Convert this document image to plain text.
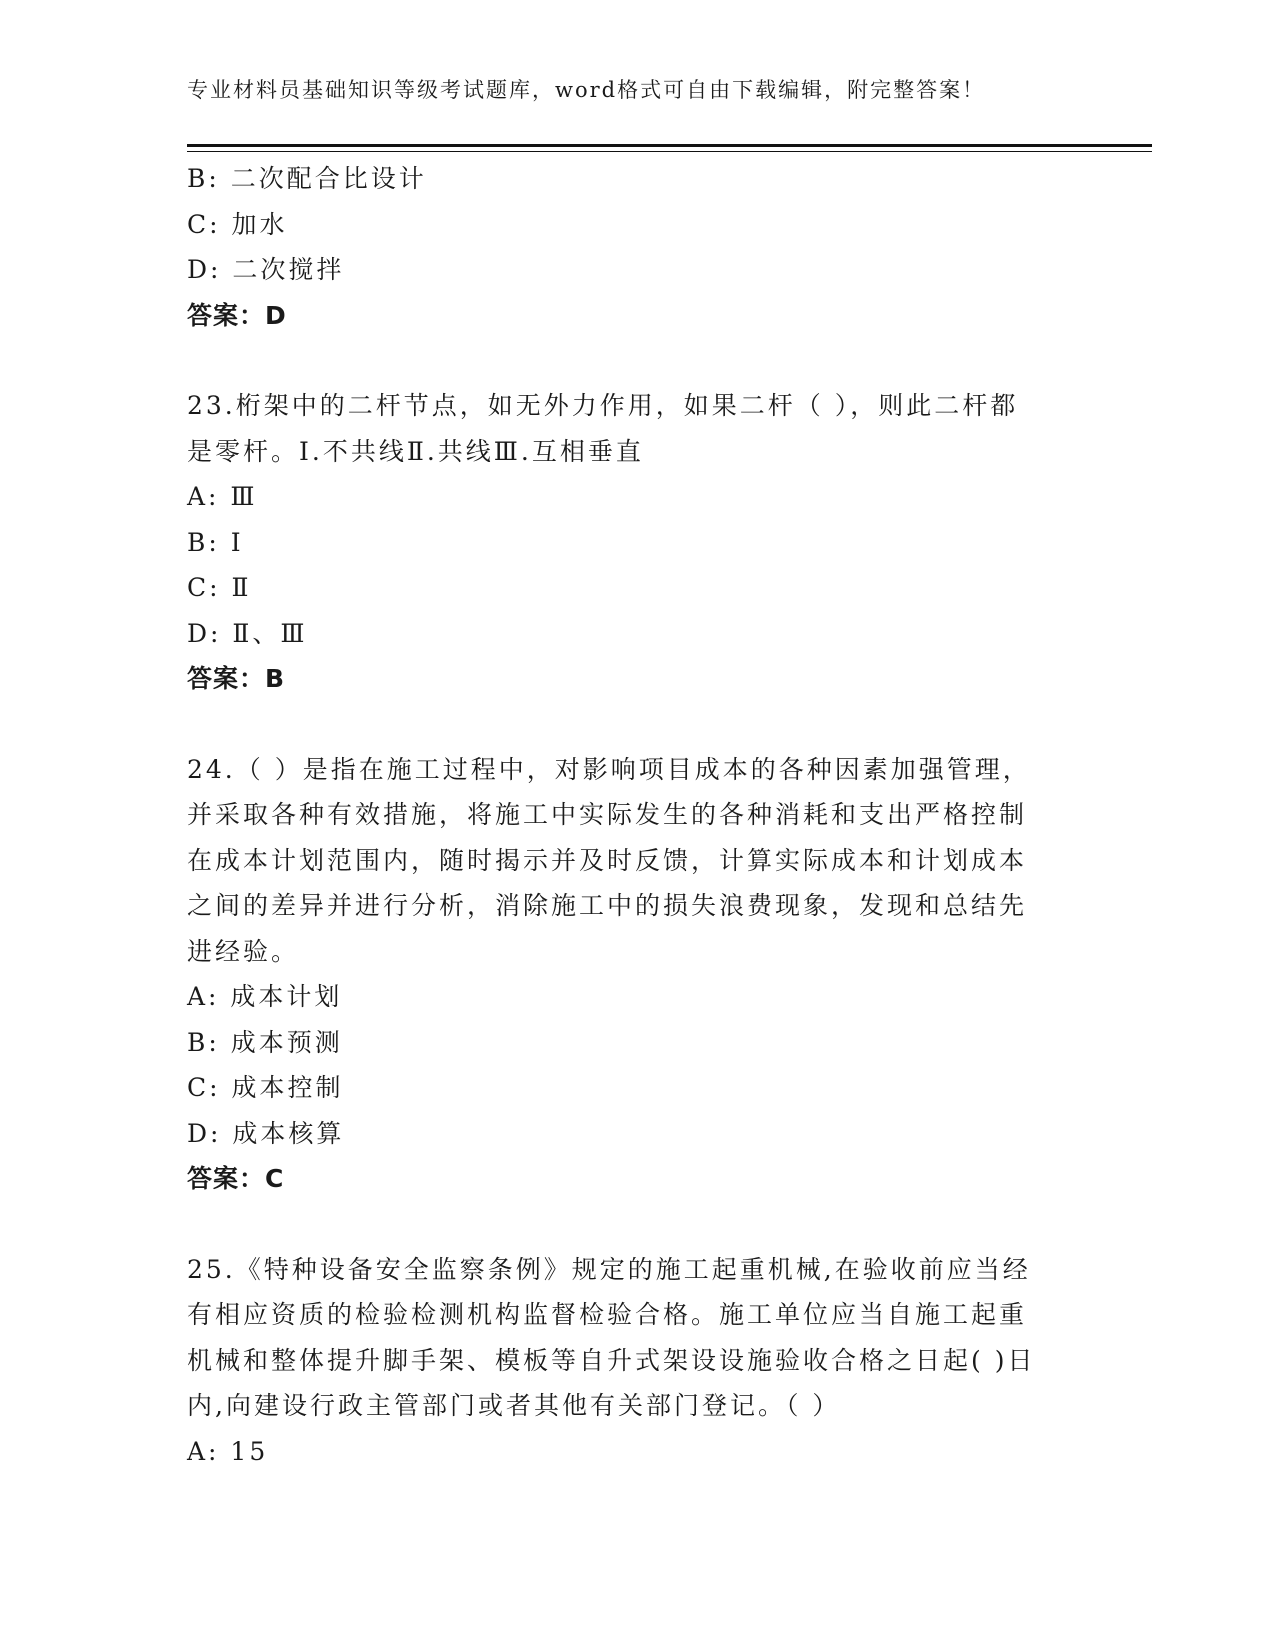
专业材料员基础知识等级考试题库，word格式可自由下载编辑，附完整答案！
B: 二次配合比设计
C: 加水
D: 二次搅拌
答案：D
23.桁架中的二杆节点，如无外力作用，如果二杆（ ），则此二杆都
是零杆。I.不共线Ⅱ.共线Ⅲ.互相垂直
A: Ⅲ
B: Ⅰ
C: Ⅱ
D: Ⅱ、Ⅲ
答案：B
24.（ ）是指在施工过程中，对影响项目成本的各种因素加强管理，
并采取各种有效措施，将施工中实际发生的各种消耗和支出严格控制
在成本计划范围内，随时揭示并及时反馈，计算实际成本和计划成本
之间的差异并进行分析，消除施工中的损失浪费现象，发现和总结先
进经验。
A: 成本计划
B: 成本预测
C: 成本控制
D: 成本核算
答案：C
25.《特种设备安全监察条例》规定的施工起重机械,在验收前应当经
有相应资质的检验检测机构监督检验合格。施工单位应当自施工起重
机械和整体提升脚手架、模板等自升式架设设施验收合格之日起( )日
内,向建设行政主管部门或者其他有关部门登记。（ ）
A: 15
